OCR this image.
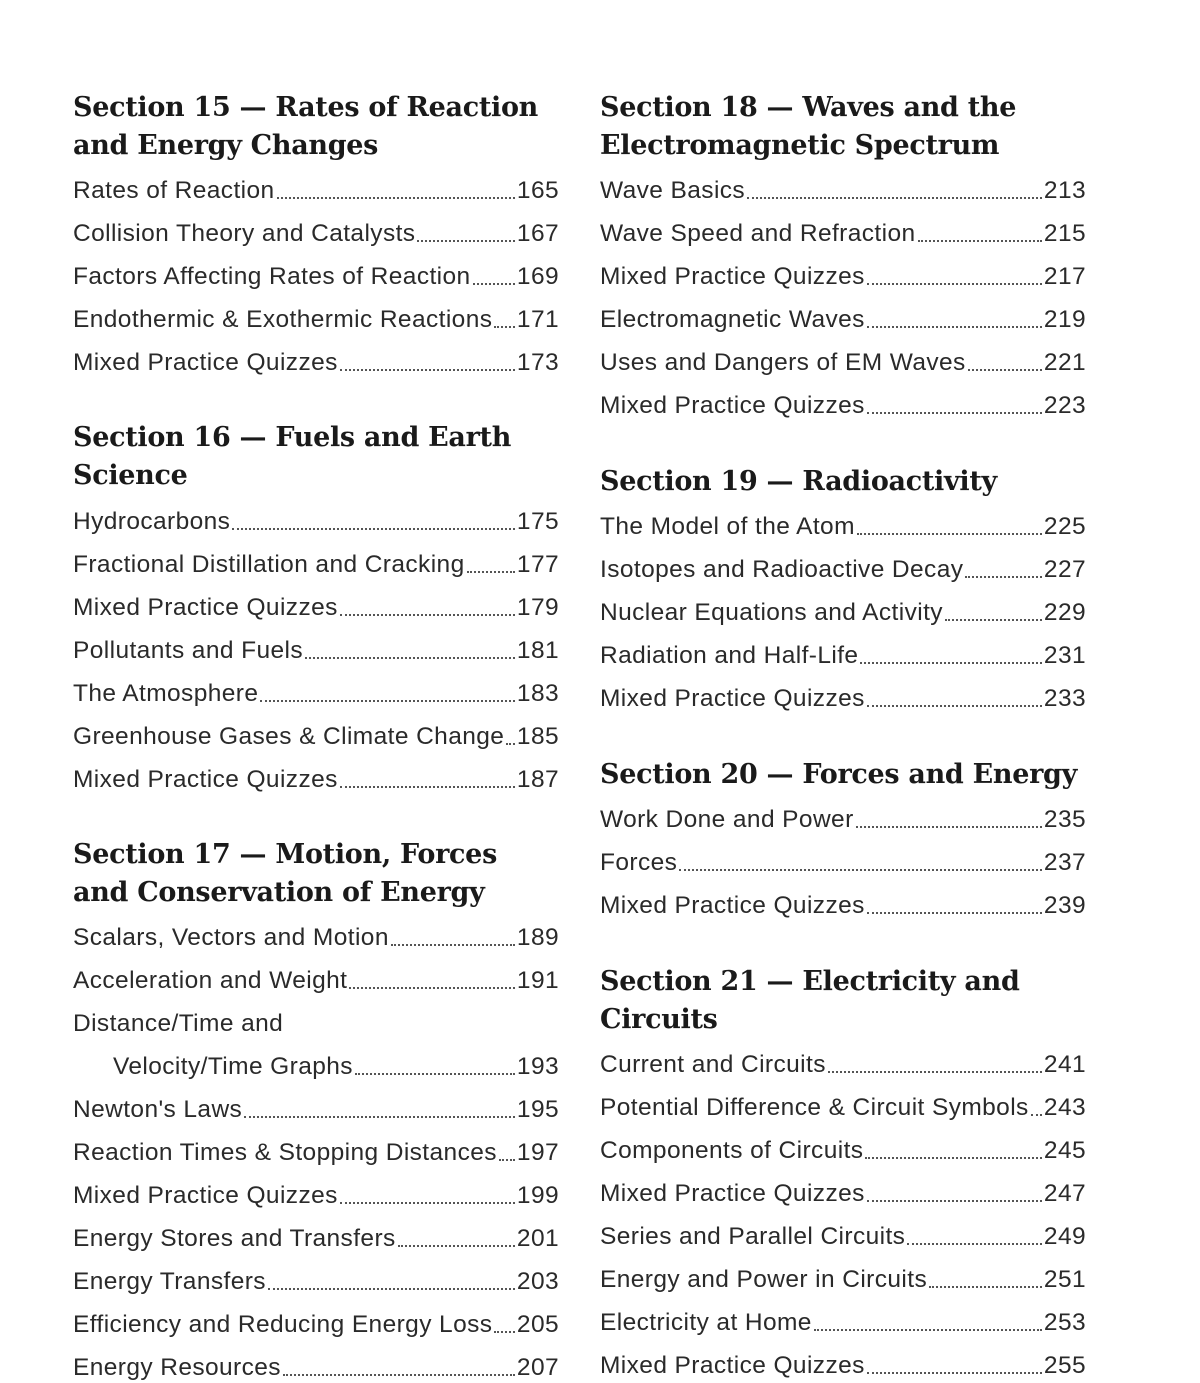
Section 15 — Rates of Reaction
and Energy Changes
Rates of Reaction	165
Collision Theory and Catalysts	167
Factors Affecting Rates of Reaction 169
Endothermic & Exothermic Reactions 171
Mixed Practice Quizzes	173
Section 16 — Fuels and Earth
Science
Hydrocarbons	175
Fractional Distillation and Cracking 177
Mixed Practice Quizzes	179
Pollutants and Fuels	181
The Atmosphere	183
Greenhouse Gases & Climate Change 185
Mixed Practice Quizzes	187
Section 17 — Motion, Forces
and Conservation of Energy
Scalars, Vectors and Motion	189
Acceleration and Weight	191
Distance/Time and
Velocity/Time Graphs	193
Newton's Laws	195
Reaction Times & Stopping Distances 197
Mixed Practice Quizzes	199
Energy Stores and Transfers	201
Energy Transfers	203
Efficiency and Reducing Energy Loss 205
Energy Resources	207
Section 18 — Waves and the
Electromagnetic Spectrum
Wave Basics	213
Wave Speed and Refraction	215
Mixed Practice Quizzes	217
Electromagnetic Waves	219
Uses and Dangers of EM Waves	221
Mixed Practice Quizzes	223
Section 19 — Radioactivity
The Model of the Atom	225
Isotopes and Radioactive Decay	227
Nuclear Equations and Activity	229
Radiation and Half-Life	231
Mixed Practice Quizzes	233
Section 20 — Forces and Energy
Work Done and Power	235
Forces	237
Mixed Practice Quizzes	239
Section 21 — Electricity and
Circuits
Current and Circuits	241
Potential Difference & Circuit Symbols 243
Components of Circuits	245
Mixed Practice Quizzes	247
Series and Parallel Circuits	249
Energy and Power in Circuits	251
Electricity at Home	253
Mixed Practice Quizzes	255
